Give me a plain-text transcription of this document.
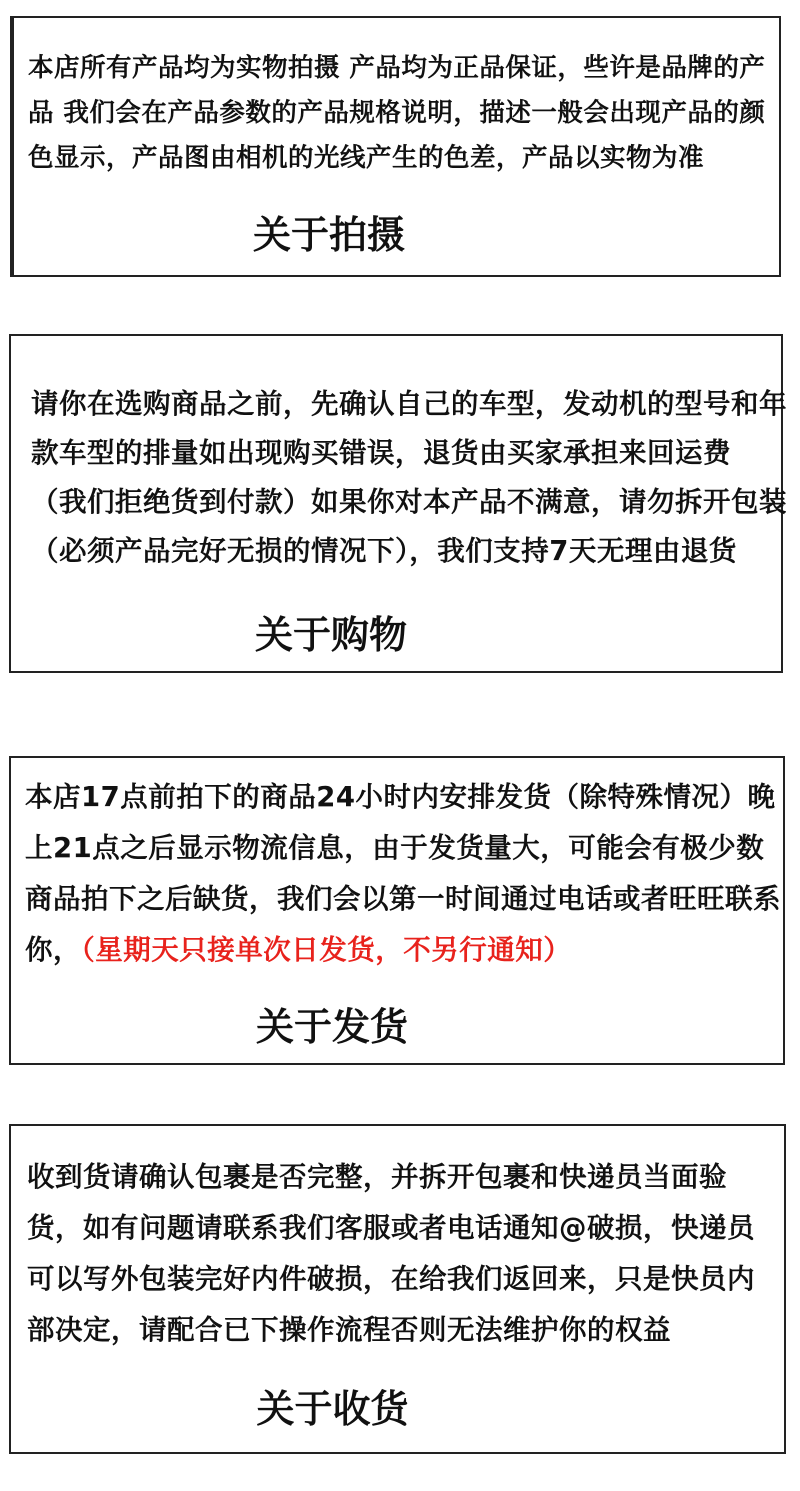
本店所有产品均为实物拍摄 产品均为正品保证，些许是品牌的产品 我们会在产品参数的产品规格说明，描述一般会出现产品的颜色显示，产品图由相机的光线产生的色差，产品以实物为准
关于拍摄
请你在选购商品之前，先确认自己的车型，发动机的型号和年款车型的排量如出现购买错误，退货由买家承担来回运费 （我们拒绝货到付款）如果你对本产品不满意，请勿拆开包装（必须产品完好无损的情况下），我们支持7天无理由退货
关于购物
本店17点前拍下的商品24小时内安排发货（除特殊情况）晚上21点之后显示物流信息，由于发货量大，可能会有极少数商品拍下之后缺货，我们会以第一时间通过电话或者旺旺联系你，（星期天只接单次日发货，不另行通知）
关于发货
收到货请确认包裹是否完整，并拆开包裹和快递员当面验货，如有问题请联系我们客服或者电话通知@破损，快递员可以写外包装完好内件破损，在给我们返回来，只是快员内部决定，请配合已下操作流程否则无法维护你的权益
关于收货
